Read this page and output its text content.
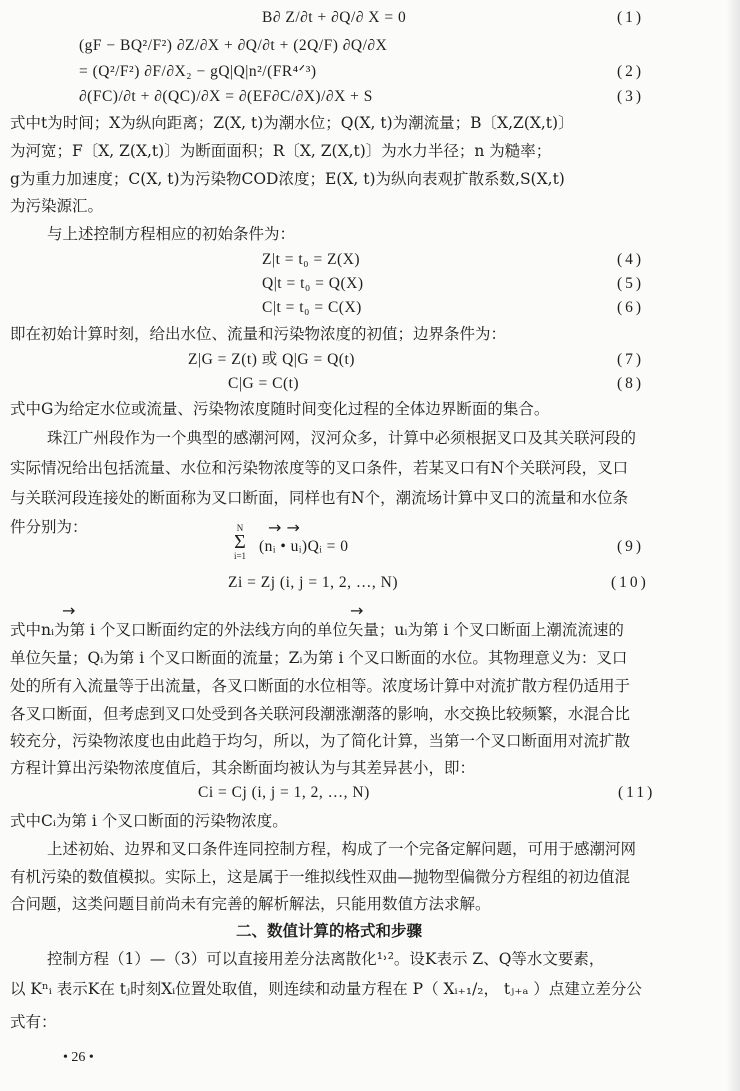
B∂ Z/∂t + ∂Q/∂ X = 0	(1)
(gF − BQ²/F²) ∂Z/∂X + ∂Q/∂t + (2Q/F) ∂Q/∂X
= (Q²/F²) ∂F/∂X₂ − gQ|Q|n²/(FR⁴ᐟ³)	(2)
∂(FC)/∂t + ∂(QC)/∂X = ∂(EF∂C/∂X)/∂X + S	(3)
式中t为时间；X为纵向距离；Z(X, t)为潮水位；Q(X, t)为潮流量；B〔X,Z(X,t)〕
为河宽；F〔X, Z(X,t)〕为断面面积；R〔X, Z(X,t)〕为水力半径；n 为糙率；
g为重力加速度；C(X, t)为污染物COD浓度；E(X, t)为纵向表观扩散系数,S(X,t)
为污染源汇。
与上述控制方程相应的初始条件为：
Z|t = t₀ = Z(X)	(4)
Q|t = t₀ = Q(X)	(5)
C|t = t₀ = C(X)	(6)
即在初始计算时刻，给出水位、流量和污染物浓度的初值；边界条件为：
Z|G = Z(t) 或 Q|G = Q(t)	(7)
C|G = C(t)	(8)
式中G为给定水位或流量、污染物浓度随时间变化过程的全体边界断面的集合。
珠江广州段作为一个典型的感潮河网，汊河众多，计算中必须根据叉口及其关联河段的
实际情况给出包括流量、水位和污染物浓度等的叉口条件，若某叉口有N个关联河段，叉口
与关联河段连接处的断面称为叉口断面，同样也有N个，潮流场计算中叉口的流量和水位条
件分别为：	→ →
N
Σ
i=1
(nᵢ • uᵢ)Qᵢ = 0	(9)
Zi = Zj (i, j = 1, 2, …, N)	(10)
→                                                      →
式中nᵢ为第 i 个叉口断面约定的外法线方向的单位矢量；uᵢ为第 i 个叉口断面上潮流流速的
单位矢量；Qᵢ为第 i 个叉口断面的流量；Zᵢ为第 i 个叉口断面的水位。其物理意义为：叉口
处的所有入流量等于出流量，各叉口断面的水位相等。浓度场计算中对流扩散方程仍适用于
各叉口断面，但考虑到叉口处受到各关联河段潮涨潮落的影响，水交换比较频繁，水混合比
较充分，污染物浓度也由此趋于均匀，所以，为了简化计算，当第一个叉口断面用对流扩散
方程计算出污染物浓度值后，其余断面均被认为与其差异甚小，即：
Ci = Cj (i, j = 1, 2, …, N)	(11)
式中Cᵢ为第 i 个叉口断面的污染物浓度。
上述初始、边界和叉口条件连同控制方程，构成了一个完备定解问题，可用于感潮河网
有机污染的数值模拟。实际上，这是属于一维拟线性双曲—抛物型偏微分方程组的初边值混
合问题，这类问题目前尚未有完善的解析解法，只能用数值方法求解。
二、数值计算的格式和步骤
控制方程（1）—（3）可以直接用差分法离散化¹˒²。设K表示 Z、Q等水文要素，
以 Kⁿᵢ 表示K在 tⱼ时刻Xᵢ位置处取值，则连续和动量方程在 P（ Xᵢ₊₁/₂， tⱼ₊ₐ ）点建立差分公
式有：
• 26 •
